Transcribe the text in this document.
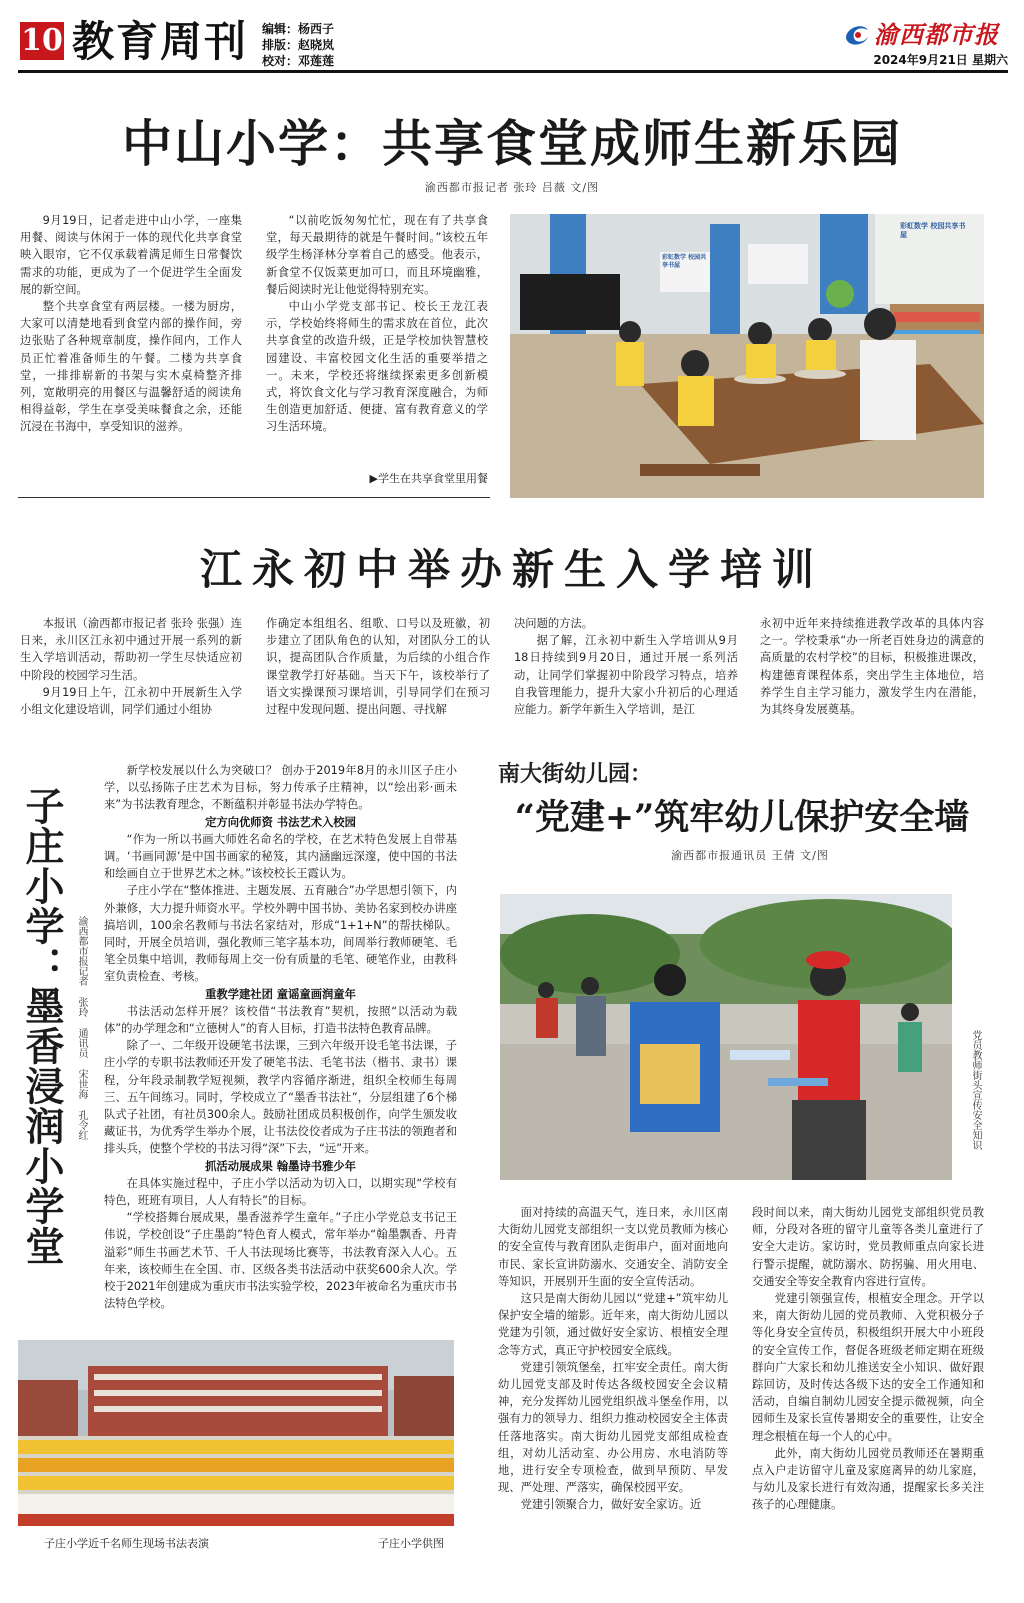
10 教育周刊 编辑：杨西子
排版：赵晓岚
校对：邓莲莲
渝西都市报
2024年9月21日 星期六
中山小学：共享食堂成师生新乐园
渝西都市报记者 张玲 吕薇 文/图

9月19日，记者走进中山小学，一座集用餐、阅读与休闲于一体的现代化共享食堂映入眼帘，它不仅承载着满足师生日常餐饮需求的功能，更成为了一个促进学生全面发展的新空间。

整个共享食堂有两层楼。一楼为厨房，大家可以清楚地看到食堂内部的操作间，旁边张贴了各种规章制度，操作间内，工作人员正忙着准备师生的午餐。二楼为共享食堂，一排排崭新的书架与实木桌椅整齐排列，宽敞明亮的用餐区与温馨舒适的阅读角相得益彰，学生在享受美味餐食之余，还能沉浸在书海中，享受知识的滋养。

“以前吃饭匆匆忙忙，现在有了共享食堂，每天最期待的就是午餐时间。”该校五年级学生杨泽林分享着自己的感受。他表示，新食堂不仅饭菜更加可口，而且环境幽雅，餐后阅读时光让他觉得特别充实。

中山小学党支部书记、校长王龙江表示，学校始终将师生的需求放在首位，此次共享食堂的改造升级，正是学校加快智慧校园建设、丰富校园文化生活的重要举措之一。未来，学校还将继续探索更多创新模式，将饮食文化与学习教育深度融合，为师生创造更加舒适、便捷、富有教育意义的学习生活环境。

▶学生在共享食堂里用餐
彩虹数学 校园共享书屋
彩虹数学 校园共享书屋
江永初中举办新生入学培训

本报讯（渝西都市报记者 张玲 张强）连日来，永川区江永初中通过开展一系列的新生入学培训活动，帮助初一学生尽快适应初中阶段的校园学习生活。

9月19日上午，江永初中开展新生入学小组文化建设培训，同学们通过小组协

作确定本组组名、组歌、口号以及班徽，初步建立了团队角色的认知，对团队分工的认识，提高团队合作质量，为后续的小组合作课堂教学打好基础。当天下午，该校举行了语文实操课预习课培训，引导同学们在预习过程中发现问题、提出问题、寻找解

决问题的方法。

据了解，江永初中新生入学培训从9月18日持续到9月20日，通过开展一系列活动，让同学们掌握初中阶段学习特点，培养自我管理能力，提升大家小升初后的心理适应能力。新学年新生入学培训，是江

永初中近年来持续推进教学改革的具体内容之一。学校秉承“办一所老百姓身边的满意的高质量的农村学校”的目标，积极推进课改，构建德育课程体系，突出学生主体地位，培养学生自主学习能力，激发学生内在潜能，为其终身发展奠基。

子庄小学：墨香浸润小学堂	渝西都市报记者 张玲 通讯员 宋世海 孔令红

新学校发展以什么为突破口？ 创办于2019年8月的永川区子庄小学，以弘扬陈子庄艺术为目标，努力传承子庄精神，以“绘出彩·画未来”为书法教育理念，不断蕴积并彰显书法办学特色。

定方向优师资 书法艺术入校园

“作为一所以书画大师姓名命名的学校，在艺术特色发展上自带基调。‘书画同源’是中国书画家的秘笈，其内涵幽远深邃，使中国的书法和绘画自立于世界艺术之林。”该校校长王霞认为。

子庄小学在“整体推进、主题发展、五育融合”办学思想引领下，内外兼修，大力提升师资水平。学校外聘中国书协、美协名家到校办讲座搞培训，100余名教师与书法名家结对，形成“1+1+N”的帮扶梯队。同时，开展全员培训，强化教师三笔字基本功，间周举行教师硬笔、毛笔全员集中培训，教师每周上交一份有质量的毛笔、硬笔作业，由教科室负责检查、考核。

重教学建社团 童谣童画润童年

书法活动怎样开展？该校借“书法教育”契机，按照“以活动为载体”的办学理念和“立德树人”的育人目标，打造书法特色教育品牌。

除了一、二年级开设硬笔书法课，三到六年级开设毛笔书法课，子庄小学的专职书法教师还开发了硬笔书法、毛笔书法（楷书、隶书）课程，分年段录制教学短视频，教学内容循序渐进，组织全校师生每周三、五午间练习。同时，学校成立了“墨香书法社”，分层组建了6个梯队式子社团，有社员300余人。鼓励社团成员积极创作，向学生颁发收藏证书，为优秀学生举办个展，让书法佼佼者成为子庄书法的领跑者和排头兵，使整个学校的书法习得“深”下去，“远”开来。

抓活动展成果 翰墨诗书雅少年

在具体实施过程中，子庄小学以活动为切入口，以期实现“学校有特色，班班有项目，人人有特长”的目标。

“学校搭舞台展成果，墨香滋养学生童年。”子庄小学党总支书记王伟说，学校创设“子庄墨韵”特色育人模式，常年举办“翰墨飘香、丹青溢彩”师生书画艺术节、千人书法现场比赛等，书法教育深入人心。五年来，该校师生在全国、市、区级各类书法活动中获奖600余人次。学校于2021年创建成为重庆市书法实验学校，2023年被命名为重庆市书法特色学校。

子庄小学近千名师生现场书法表演	子庄小学供图
南大街幼儿园：
“党建+”筑牢幼儿保护安全墙
渝西都市报通讯员 王倩 文/图
党员教师街头宣传安全知识

面对持续的高温天气，连日来，永川区南大街幼儿园党支部组织一支以党员教师为核心的安全宣传与教育团队走街串户，面对面地向市民、家长宣讲防溺水、交通安全、消防安全等知识，开展别开生面的安全宣传活动。

这只是南大街幼儿园以“党建+”筑牢幼儿保护安全墙的缩影。近年来，南大街幼儿园以党建为引领，通过做好安全家访、根植安全理念等方式，真正守护校园安全底线。

党建引领筑堡垒，扛牢安全责任。南大街幼儿园党支部及时传达各级校园安全会议精神，充分发挥幼儿园党组织战斗堡垒作用，以强有力的领导力、组织力推动校园安全主体责任落地落实。南大街幼儿园党支部组成检查组，对幼儿活动室、办公用房、水电消防等地，进行安全专项检查，做到早预防、早发现、严处理、严落实，确保校园平安。

党建引领聚合力，做好安全家访。近

段时间以来，南大街幼儿园党支部组织党员教师，分段对各班的留守儿童等各类儿童进行了安全大走访。家访时，党员教师重点向家长进行警示提醒，就防溺水、防拐骗、用火用电、交通安全等安全教育内容进行宣传。

党建引领强宣传，根植安全理念。开学以来，南大街幼儿园的党员教师、入党积极分子等化身安全宣传员，积极组织开展大中小班段的安全宣传工作，督促各班级老师定期在班级群向广大家长和幼儿推送安全小知识、做好跟踪回访，及时传达各级下达的安全工作通知和活动，自编自制幼儿园安全提示微视频，向全园师生及家长宣传暑期安全的重要性，让安全理念根植在每一个人的心中。

此外，南大街幼儿园党员教师还在暑期重点入户走访留守儿童及家庭离异的幼儿家庭，与幼儿及家长进行有效沟通，提醒家长多关注孩子的心理健康。
